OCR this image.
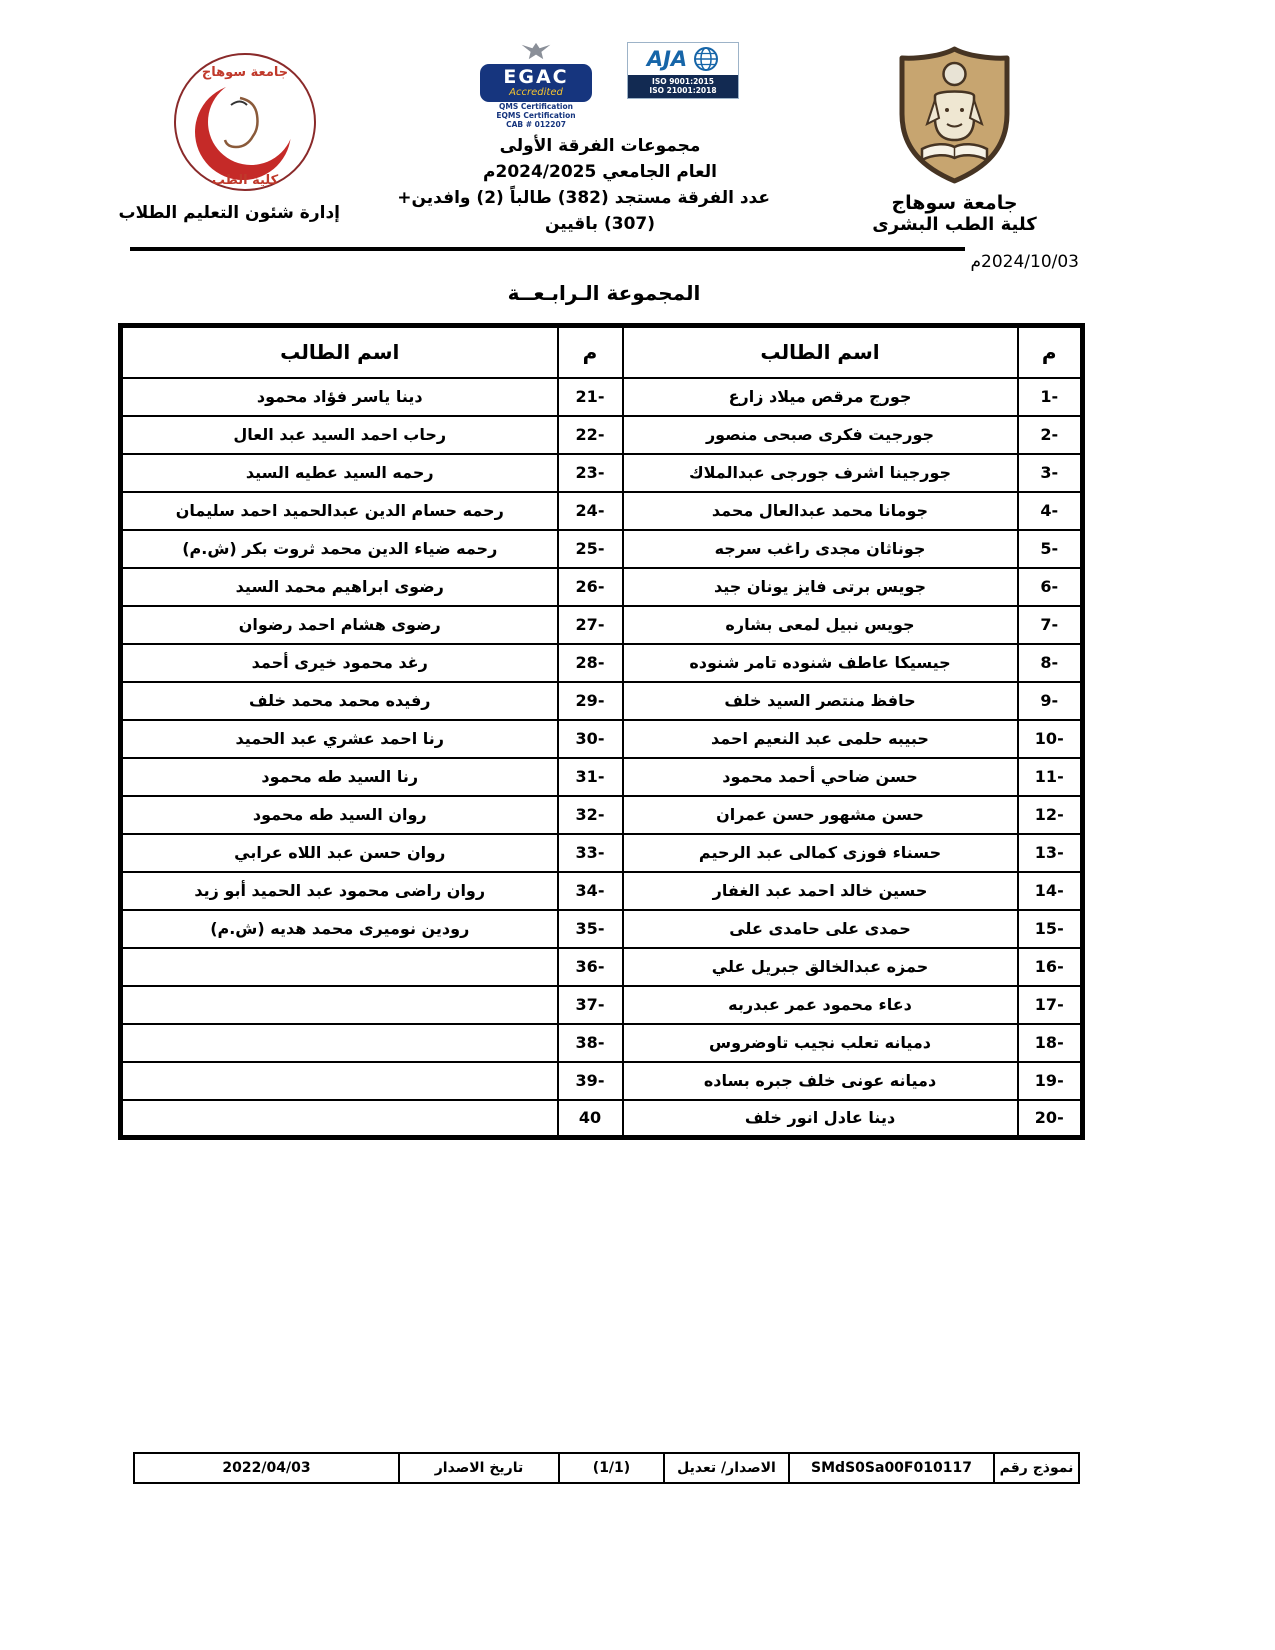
جامعة سوهاج
كلية الطب
إدارة شئون التعليم الطلاب
EGAC
Accredited
QMS Certification
EQMS Certification
CAB # 012207
AJA
ISO 9001:2015
ISO 21001:2018
مجموعات الفرقة الأولى
العام الجامعي 2024/2025م
عدد الفرقة مستجد (382) طالباً (2) وافدين+
(307) باقيين
جامعة سوهاج
كلية الطب البشرى
2024/10/03م
المجموعة الـرابـعــة
م	اسم الطالب	م	اسم الطالب
1-	جورج مرقص ميلاد زارع	21-	دينا ياسر فؤاد محمود
2-	جورجيت فكرى صبحى منصور	22-	رحاب احمد السيد عبد العال
3-	جورجينا اشرف جورجى عبدالملاك	23-	رحمه السيد عطيه السيد
4-	جومانا محمد عبدالعال محمد	24-	رحمه حسام الدين عبدالحميد احمد سليمان
5-	جوناثان مجدى راغب سرجه	25-	رحمه ضياء الدين محمد ثروت بكر (ش.م)
6-	جويس برتى فايز يونان جيد	26-	رضوى ابراهيم محمد السيد
7-	جويس نبيل لمعى بشاره	27-	رضوى هشام احمد رضوان
8-	جيسيكا عاطف شنوده تامر شنوده	28-	رغد محمود خيرى أحمد
9-	حافظ منتصر السيد خلف	29-	رفيده محمد محمد خلف
10-	حبيبه حلمى عبد النعيم احمد	30-	رنا احمد عشري عبد الحميد
11-	حسن ضاحي أحمد محمود	31-	رنا السيد طه محمود
12-	حسن مشهور حسن عمران	32-	روان السيد طه محمود
13-	حسناء فوزى كمالى عبد الرحيم	33-	روان حسن عبد اللاه عرابي
14-	حسين خالد احمد عبد الغفار	34-	روان راضى محمود عبد الحميد أبو زيد
15-	حمدى على حامدى على	35-	رودين نوميرى محمد هديه (ش.م)
16-	حمزه عبدالخالق جبريل علي	36-	
17-	دعاء محمود عمر عبدربه	37-	
18-	دميانه تعلب نجيب تاوضروس	38-	
19-	دميانه عونى خلف جبره بساده	39-	
20-	دينا عادل انور خلف	40	
نموذج رقم	SMdS0Sa00F010117	الاصدار/ تعديل	(1/1)	تاريخ الاصدار	2022/04/03
